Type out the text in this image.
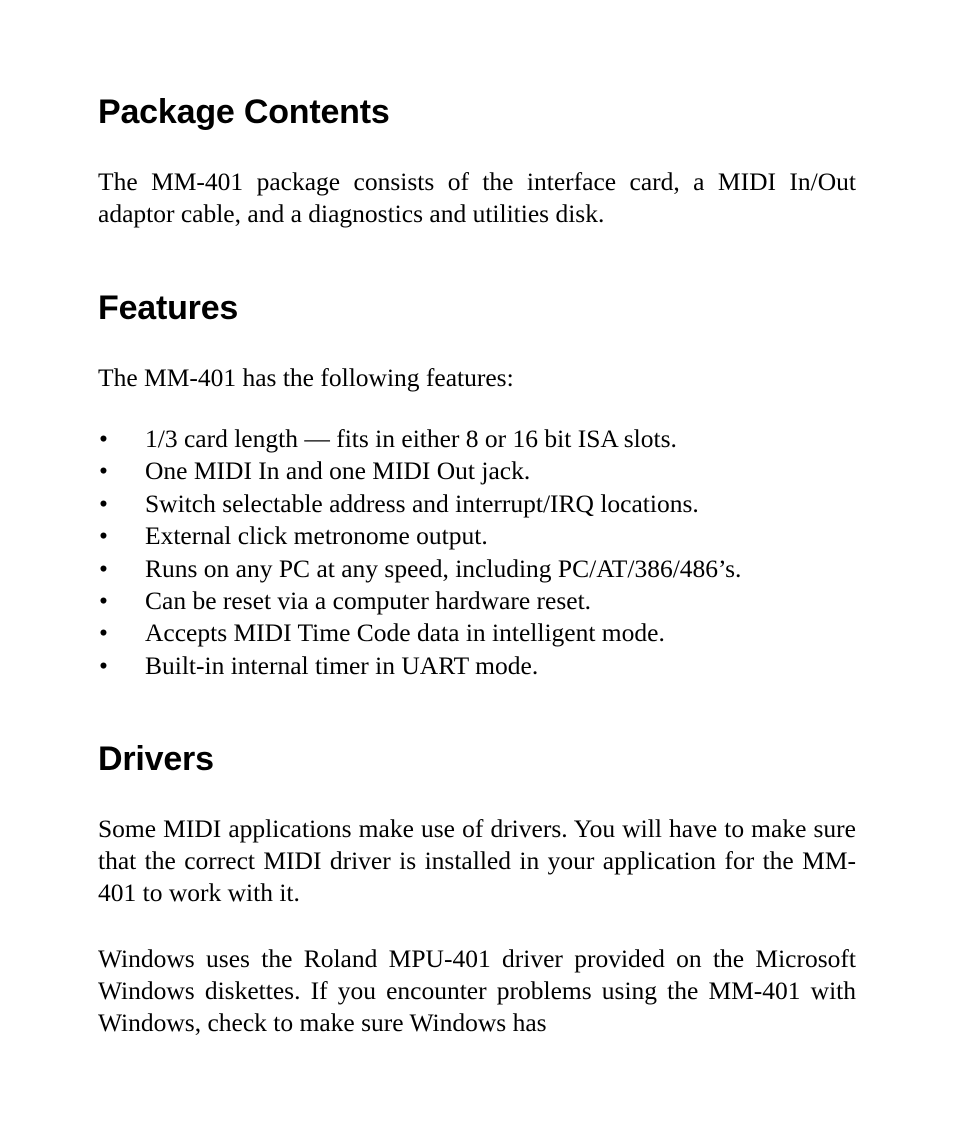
Package Contents

The MM-401 package consists of the interface card, a MIDI In/Out adaptor cable, and a diagnostics and utilities disk.

Features

The MM-401 has the following features:

• 1/3 card length — fits in either 8 or 16 bit ISA slots.
• One MIDI In and one MIDI Out jack.
• Switch selectable address and interrupt/IRQ locations.
• External click metronome output.
• Runs on any PC at any speed, including PC/AT/386/486’s.
• Can be reset via a computer hardware reset.
• Accepts MIDI Time Code data in intelligent mode.
• Built-in internal timer in UART mode.
Drivers

Some MIDI applications make use of drivers. You will have to make sure that the correct MIDI driver is installed in your application for the MM-401 to work with it.

Windows uses the Roland MPU-401 driver provided on the Microsoft Windows diskettes. If you encounter problems using the MM-401 with Windows, check to make sure Windows has
